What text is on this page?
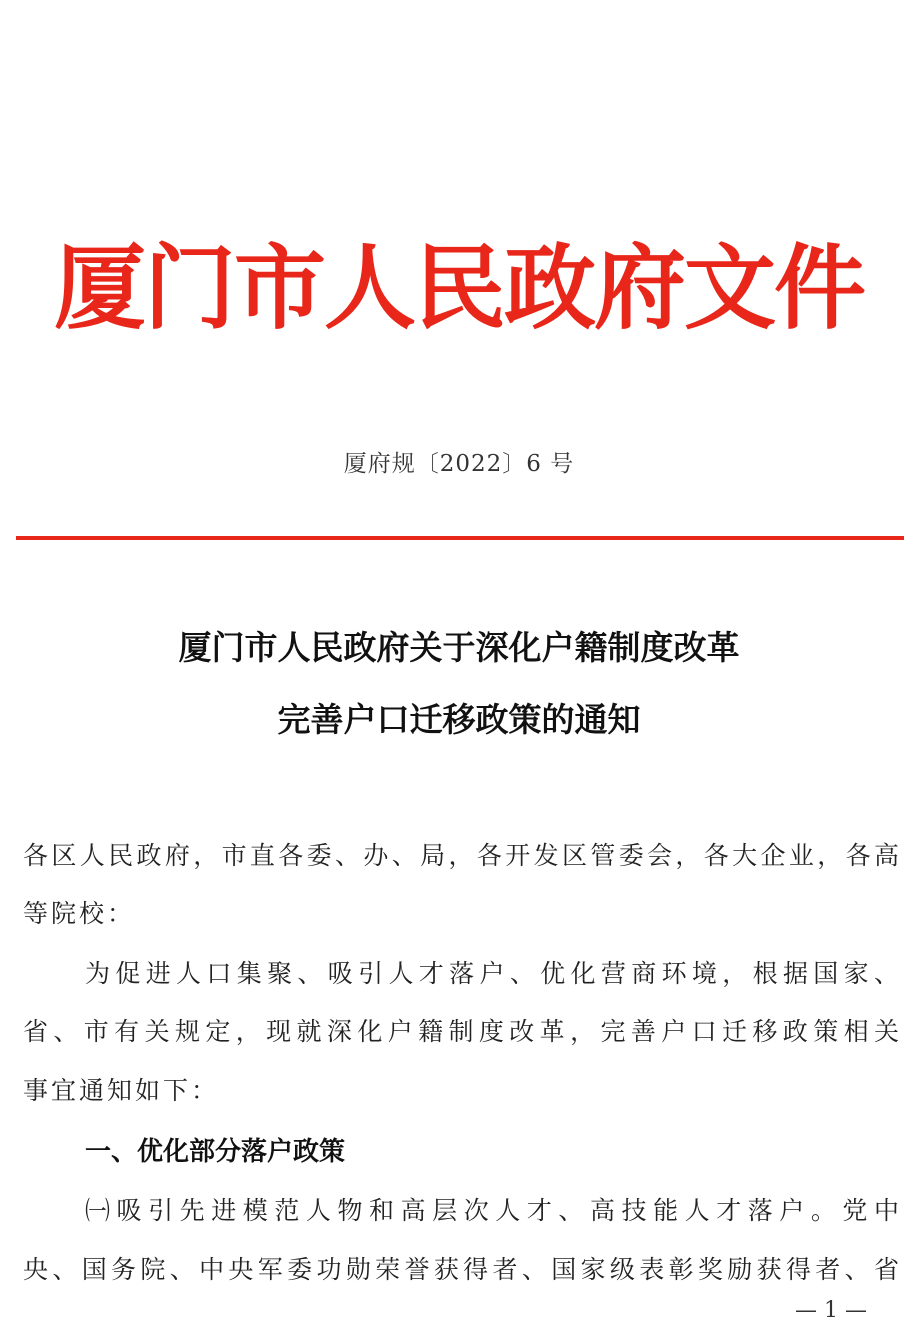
厦门市人民政府文件
厦府规〔2022〕6 号
厦门市人民政府关于深化户籍制度改革
完善户口迁移政策的通知
各区人民政府，市直各委、办、局，各开发区管委会，各大企业，各高
等院校：
为促进人口集聚、吸引人才落户、优化营商环境，根据国家、
省、市有关规定，现就深化户籍制度改革，完善户口迁移政策相关
事宜通知如下：
一、优化部分落户政策
㈠吸引先进模范人物和高层次人才、高技能人才落户。党中
央、国务院、中央军委功勋荣誉获得者、国家级表彰奖励获得者、省
— 1 —
